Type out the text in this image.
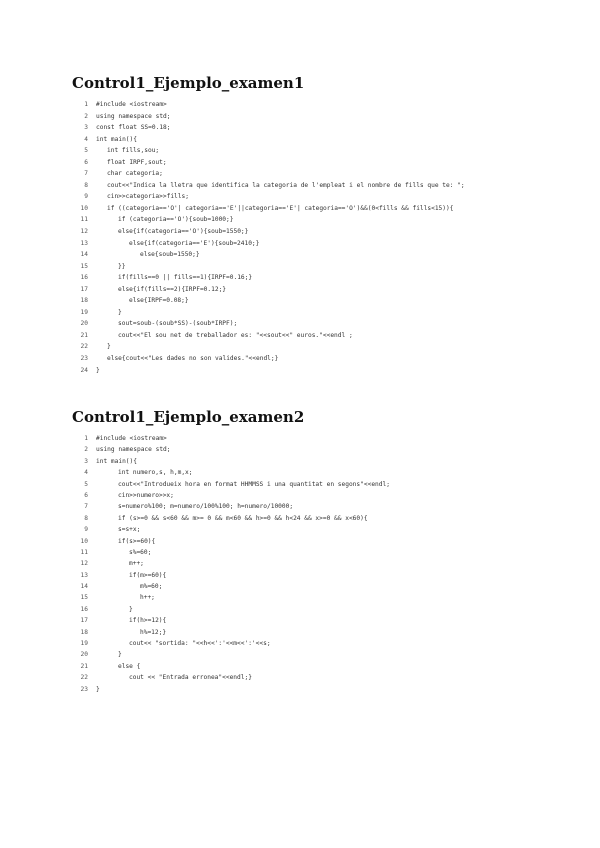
Control1_Ejemplo_examen1
1 #include <iostream>
2 using namespace std;
3 const float SS=0.18;
4 int main(){
5	int fills,sou;
6	float IRPF,sout;
7	char categoria;
8	cout<<"Indica la lletra que identifica la categoria de l'empleat i el nombre de fills que te: ";
9	cin>>categoria>>fills;
10	if ((categoria=='O'| categoria=='E'||categoria=='E'| categoria=='O')&&(0<fills && fills<15)){
11	if (categoria=='O'){soub=1000;}
12	else{if(categoria=='O'){soub=1550;}
13	else{if(categoria=='E'){soub=2410;}
14	else{soub=1550;}
15	}}
16	if(fills==0 || fills==1){IRPF=0.16;}
17	else{if(fills==2){IRPF=0.12;}
18	else{IRPF=0.08;}
19	}
20	sout=soub-(soub*SS)-(soub*IRPF);
21	cout<<"El sou net de treballador es: "<<sout<<" euros."<<endl ;
22	}
23	else{cout<<"Les dades no son valides."<<endl;}
24 }
Control1_Ejemplo_examen2
1 #include <iostream>
2 using namespace std;
3 int main(){
4	int numero,s, h,m,x;
5	cout<<"Introdueix hora en format HHMMSS i una quantitat en segons"<<endl;
6	cin>>numero>>x;
7	s=numero%100; m=numero/100%100; h=numero/10000;
8	if (s>=0 && s<60 && m>= 0 && m<60 && h>=0 && h<24 && x>=0 && x<60){
9	s=s+x;
10	if(s>=60){
11	s%=60;
12	m++;
13	if(m>=60){
14	m%=60;
15	h++;
16	}
17	if(h>=12){
18	h%=12;}
19	cout<< "sortida: "<<h<<':'<<m<<':'<<s;
20	}
21	else {
22	cout << "Entrada erronea"<<endl;}
23 }
